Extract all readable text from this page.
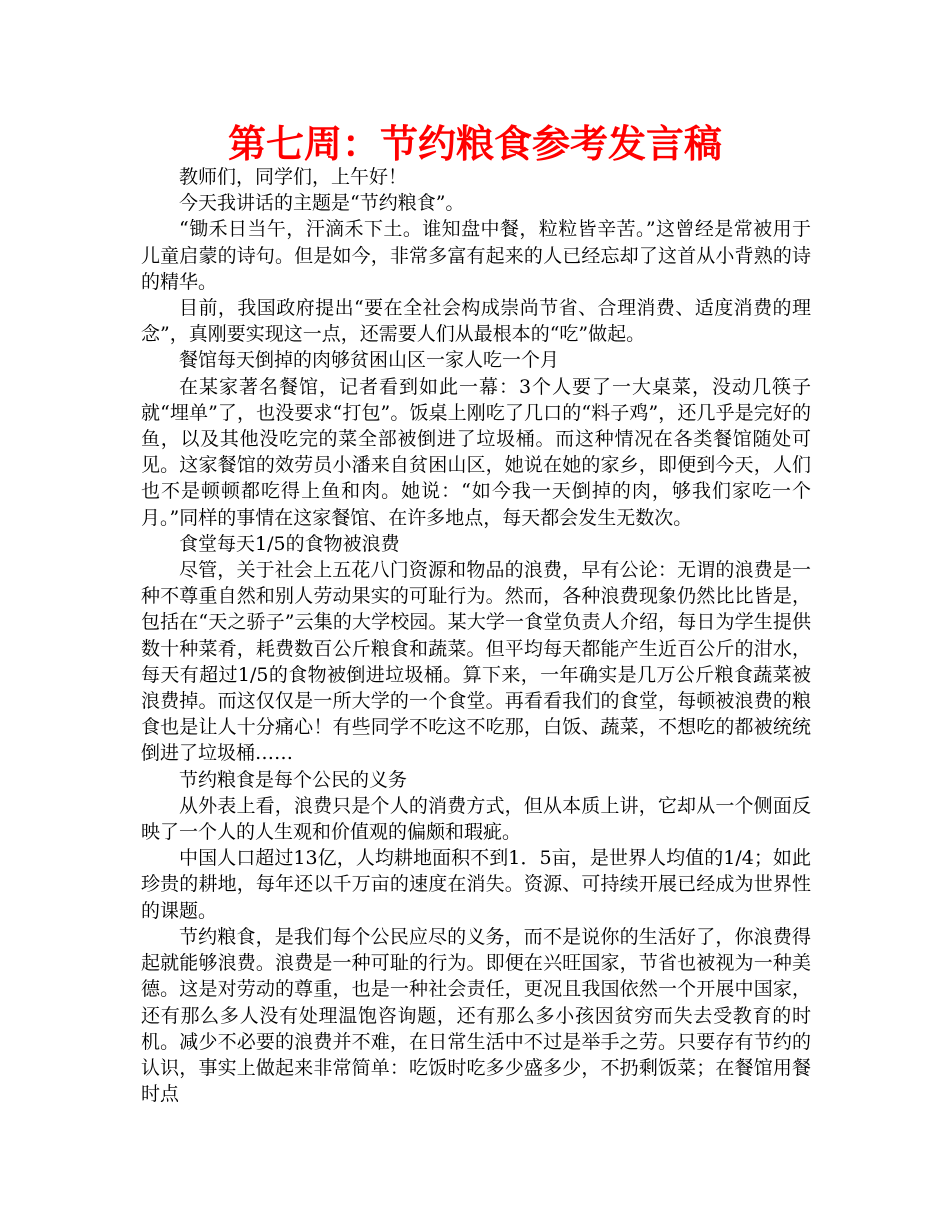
第七周：节约粮食参考发言稿

教师们，同学们，上午好！

今天我讲话的主题是“节约粮食”。

“锄禾日当午，汗滴禾下土。谁知盘中餐，粒粒皆辛苦。”这曾经是常被用于儿童启蒙的诗句。但是如今，非常多富有起来的人已经忘却了这首从小背熟的诗的精华。

目前，我国政府提出“要在全社会构成崇尚节省、合理消费、适度消费的理念”，真刚要实现这一点，还需要人们从最根本的“吃”做起。

餐馆每天倒掉的肉够贫困山区一家人吃一个月

在某家著名餐馆，记者看到如此一幕：3个人要了一大桌菜，没动几筷子就“埋单”了，也没要求“打包”。饭桌上刚吃了几口的“料子鸡”，还几乎是完好的鱼，以及其他没吃完的菜全部被倒进了垃圾桶。而这种情况在各类餐馆随处可见。这家餐馆的效劳员小潘来自贫困山区，她说在她的家乡，即便到今天，人们也不是顿顿都吃得上鱼和肉。她说：“如今我一天倒掉的肉，够我们家吃一个月。”同样的事情在这家餐馆、在许多地点，每天都会发生无数次。

食堂每天1/5的食物被浪费

尽管，关于社会上五花八门资源和物品的浪费，早有公论：无谓的浪费是一种不尊重自然和别人劳动果实的可耻行为。然而，各种浪费现象仍然比比皆是，包括在“天之骄子”云集的大学校园。某大学一食堂负责人介绍，每日为学生提供数十种菜肴，耗费数百公斤粮食和蔬菜。但平均每天都能产生近百公斤的泔水，每天有超过1/5的食物被倒进垃圾桶。算下来，一年确实是几万公斤粮食蔬菜被浪费掉。而这仅仅是一所大学的一个食堂。再看看我们的食堂，每顿被浪费的粮食也是让人十分痛心！有些同学不吃这不吃那，白饭、蔬菜，不想吃的都被统统倒进了垃圾桶……

节约粮食是每个公民的义务

从外表上看，浪费只是个人的消费方式，但从本质上讲，它却从一个侧面反映了一个人的人生观和价值观的偏颇和瑕疵。

中国人口超过13亿，人均耕地面积不到1．5亩，是世界人均值的1/4；如此珍贵的耕地，每年还以千万亩的速度在消失。资源、可持续开展已经成为世界性的课题。

节约粮食，是我们每个公民应尽的义务，而不是说你的生活好了，你浪费得起就能够浪费。浪费是一种可耻的行为。即便在兴旺国家，节省也被视为一种美德。这是对劳动的尊重，也是一种社会责任，更况且我国依然一个开展中国家，还有那么多人没有处理温饱咨询题，还有那么多小孩因贫穷而失去受教育的时机。减少不必要的浪费并不难，在日常生活中不过是举手之劳。只要存有节约的认识，事实上做起来非常简单：吃饭时吃多少盛多少，不扔剩饭菜；在餐馆用餐时点
